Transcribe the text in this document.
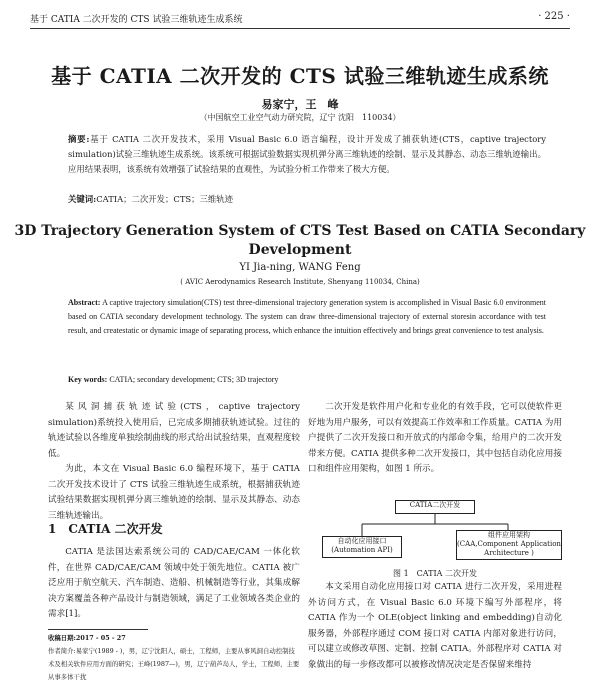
基于 CATIA 二次开发的 CTS 试验三维轨迹生成系统	· 225 ·
基于 CATIA 二次开发的 CTS 试验三维轨迹生成系统
易家宁，王　峰
（中国航空工业空气动力研究院，辽宁 沈阳　110034）
摘要:基于 CATIA 二次开发技术，采用 Visual Basic 6.0 语言编程，设计开发成了捕获轨迹(CTS，captive trajectory simulation)试验三维轨迹生成系统。该系统可根据试验数据实现机弹分离三维轨迹的绘制、显示及其静态、动态三维轨迹输出。应用结果表明，该系统有效增强了试验结果的直观性，为试验分析工作带来了极大方便。
关键词:CATIA；二次开发；CTS；三维轨迹
3D Trajectory Generation System of CTS Test Based on CATIA Secondary Development
YI Jia-ning, WANG Feng
( AVIC Aerodynamics Research Institute, Shenyang 110034, China)
Abstract: A captive trajectory simulation(CTS) test three-dimensional trajectory generation system is accomplished in Visual Basic 6.0 environment based on CATIA secondary development technology. The system can draw three-dimensional trajectory of external storesin accordance with test result, and createstatic or dynamic image of separating process, which enhance the intuition effectively and brings great convenience to test analysis.
Key words: CATIA; secondary development; CTS; 3D trajectory
某风洞捕获轨迹试验(CTS，captive trajectory simulation)系统投入使用后，已完成多期捕获轨迹试验。过往的轨迹试验以各维度单独绘制曲线的形式给出试验结果，直观程度较低。
为此，本文在 Visual Basic 6.0 编程环境下，基于 CATIA 二次开发技术设计了 CTS 试验三维轨迹生成系统，根据捕获轨迹试验结果数据实现机弹分离三维轨迹的绘制、显示及其静态、动态三维轨迹输出。
1　CATIA 二次开发
CATIA 是法国达索系统公司的 CAD/CAE/CAM 一体化软件，在世界 CAD/CAE/CAM 领域中处于领先地位。CATIA 被广泛应用于航空航天、汽车制造、造船、机械制造等行业，其集成解决方案覆盖各种产品设计与制造领域，满足了工业领域各类企业的需求[1]。
收稿日期:2017 - 05 - 27
作者简介:易家宁(1989 - )，男，辽宁沈阳人，硕士，工程师，主要从事风洞自动控制技术及相关软件应用方面的研究；王峰(1987—)，男，辽宁葫芦岛人，学士，工程师，主要从事多体干扰
二次开发是软件用户化和专业化的有效手段，它可以使软件更好地为用户服务，可以有效提高工作效率和工作质量。CATIA 为用户提供了二次开发接口和开放式的内部命令集，给用户的二次开发带来方便。CATIA 提供多种二次开发接口，其中包括自动化应用接口和组件应用架构，如图 1 所示。
CATIA二次开发
自动化应用接口
(Automation API)
组件应用架构
(CAA,Component Application
Architecture )
图 1　CATIA 二次开发
本文采用自动化应用接口对 CATIA 进行二次开发，采用进程外访问方式，在 Visual Basic 6.0 环境下编写外部程序，将 CATIA 作为一个 OLE(object linking and embedding)自动化服务器，外部程序通过 COM 接口对 CATIA 内部对象进行访问，可以建立或修改草图、定制、控制 CATIA。外部程序对 CATIA 对象做出的每一步修改都可以被修改情况决定是否保留来维持
